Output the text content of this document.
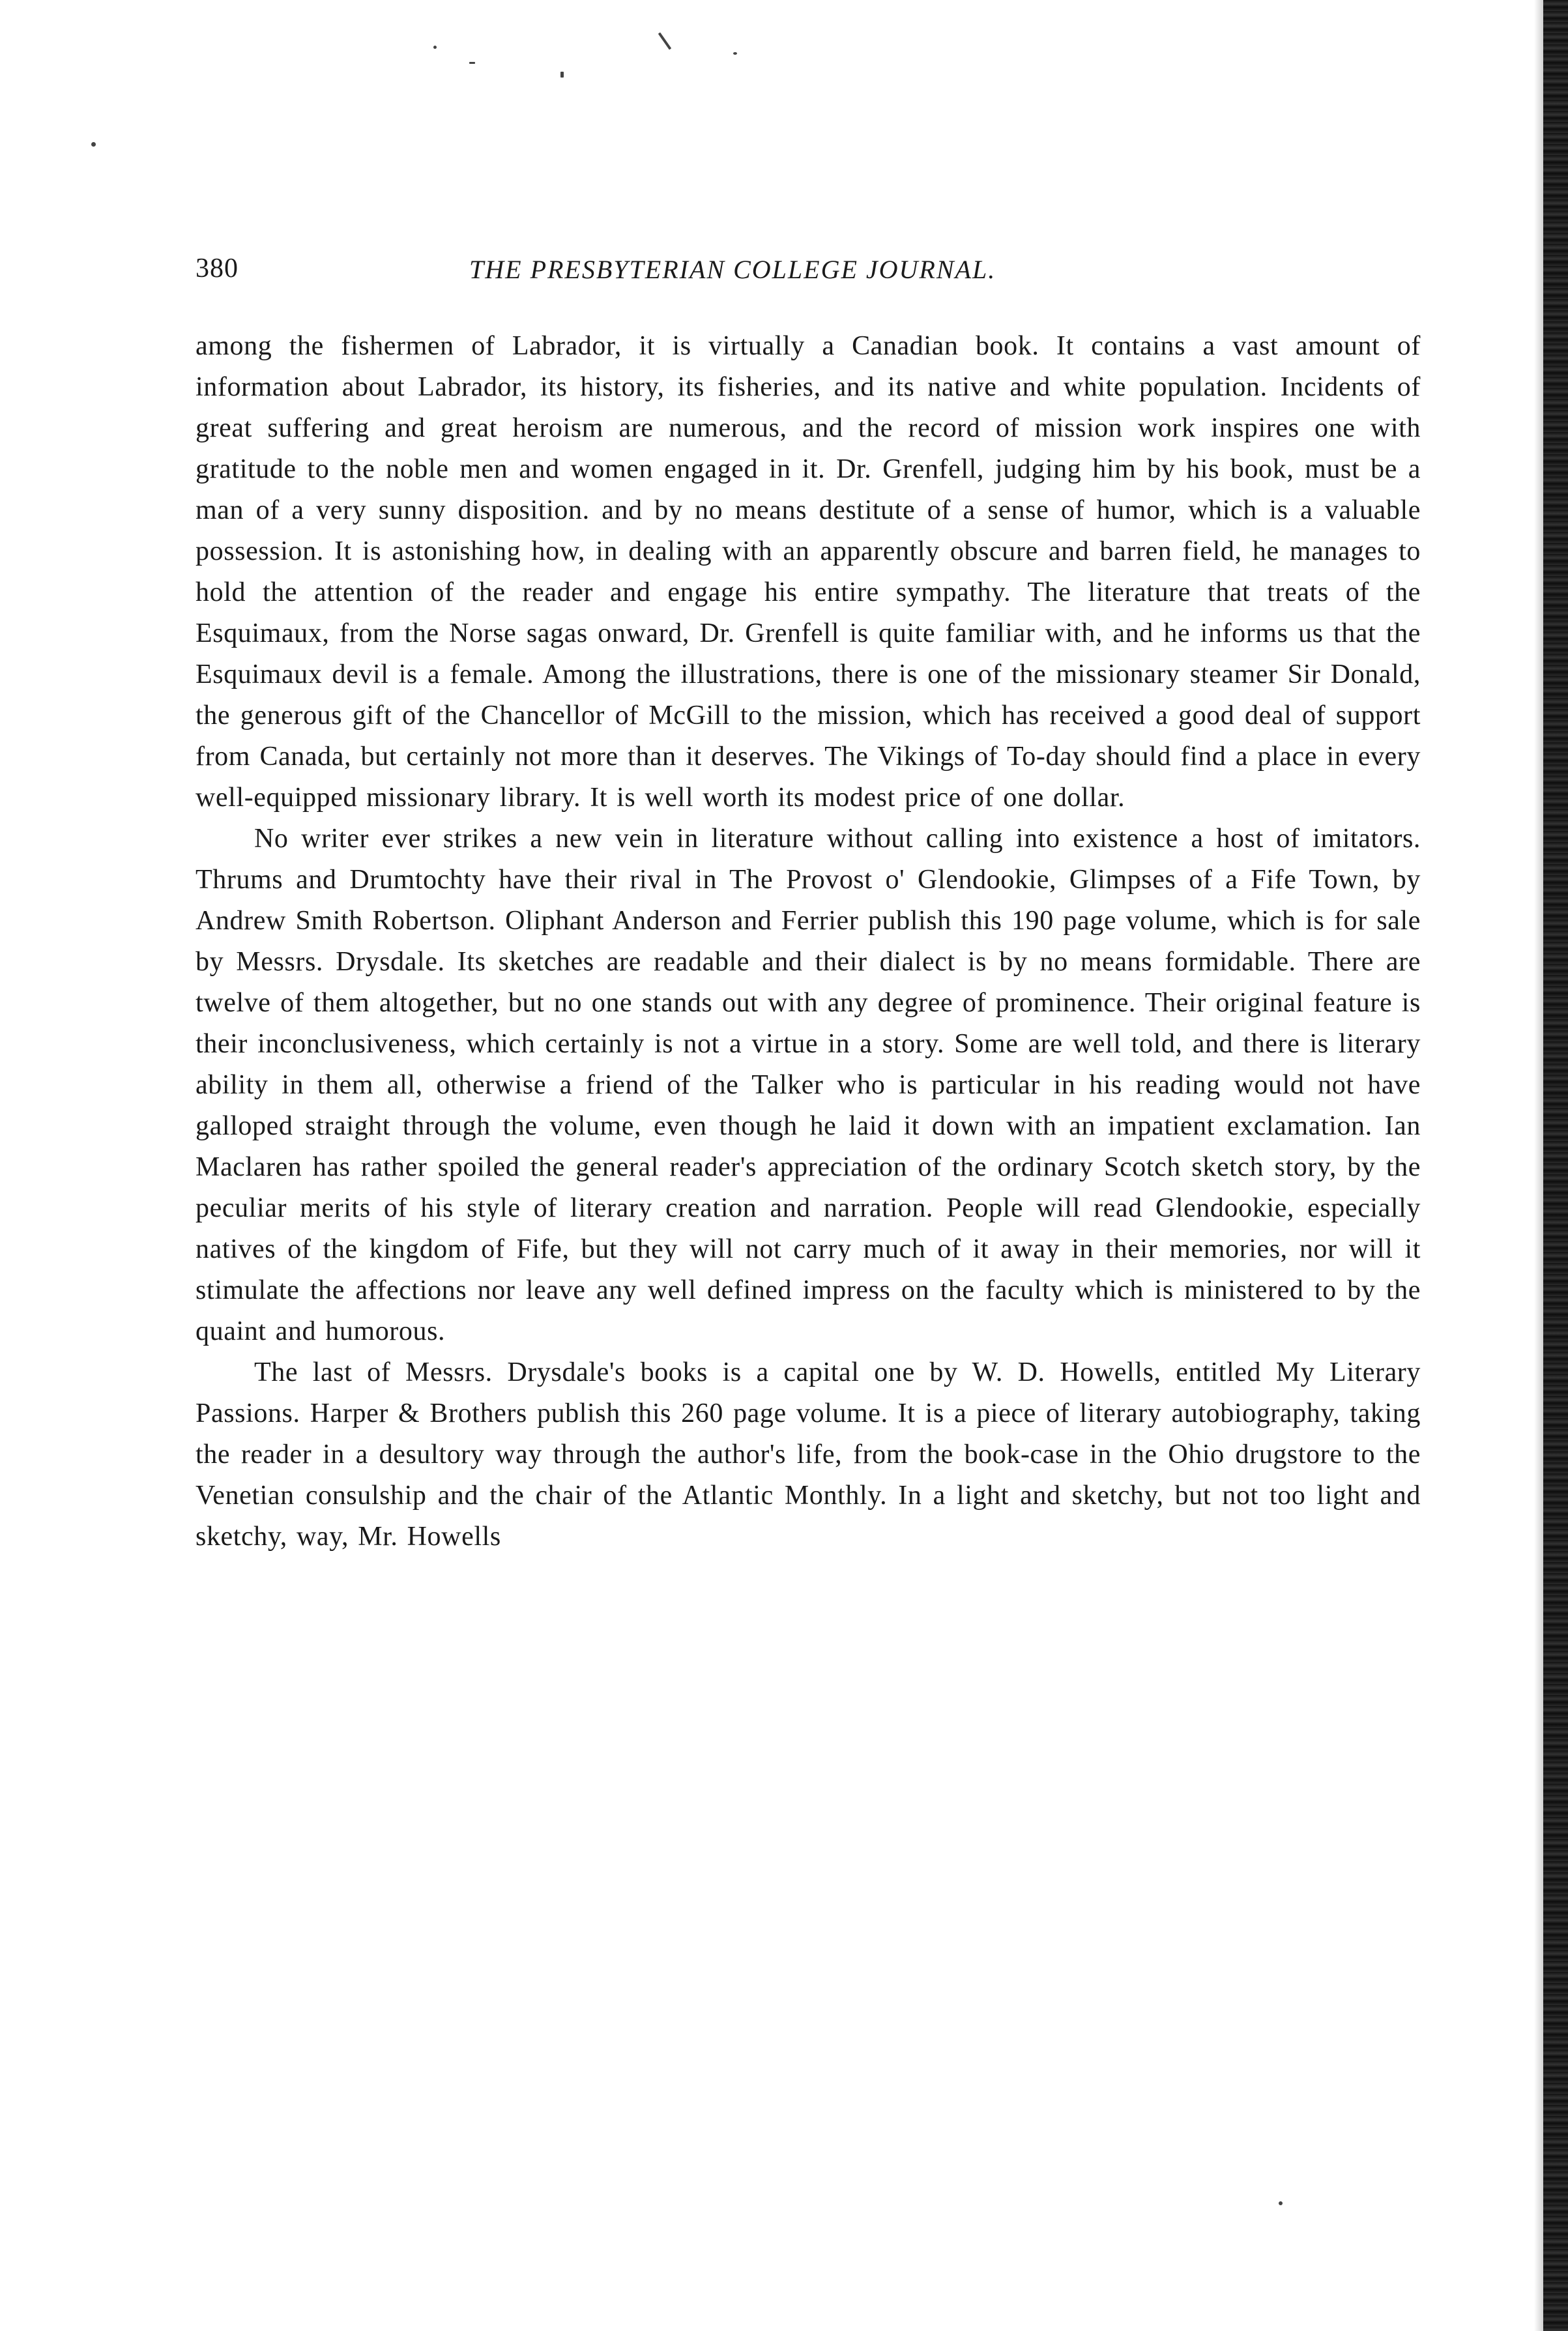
380	THE PRESBYTERIAN COLLEGE JOURNAL.

among the fishermen of Labrador, it is virtually a Canadian book. It contains a vast amount of information about Labrador, its history, its fisheries, and its native and white population. Incidents of great suffering and great heroism are numerous, and the record of mission work inspires one with gratitude to the noble men and women engaged in it. Dr. Grenfell, judging him by his book, must be a man of a very sunny disposition. and by no means destitute of a sense of humor, which is a valuable possession. It is astonishing how, in dealing with an apparently obscure and barren field, he manages to hold the attention of the reader and engage his entire sympathy. The literature that treats of the Esquimaux, from the Norse sagas onward, Dr. Grenfell is quite familiar with, and he informs us that the Esquimaux devil is a female. Among the illustrations, there is one of the missionary steamer Sir Donald, the generous gift of the Chancellor of McGill to the mission, which has received a good deal of support from Canada, but certainly not more than it deserves. The Vikings of To-day should find a place in every well-equipped missionary library. It is well worth its modest price of one dollar.

No writer ever strikes a new vein in literature without calling into existence a host of imitators. Thrums and Drumtochty have their rival in The Provost o' Glendookie, Glimpses of a Fife Town, by Andrew Smith Robertson. Oliphant Anderson and Ferrier publish this 190 page volume, which is for sale by Messrs. Drysdale. Its sketches are readable and their dialect is by no means formidable. There are twelve of them altogether, but no one stands out with any degree of prominence. Their original feature is their inconclusiveness, which certainly is not a virtue in a story. Some are well told, and there is literary ability in them all, otherwise a friend of the Talker who is particular in his reading would not have galloped straight through the volume, even though he laid it down with an impatient exclamation. Ian Maclaren has rather spoiled the general reader's appreciation of the ordinary Scotch sketch story, by the peculiar merits of his style of literary creation and narration. People will read Glendookie, especially natives of the kingdom of Fife, but they will not carry much of it away in their memories, nor will it stimulate the affections nor leave any well defined impress on the faculty which is ministered to by the quaint and humorous.

The last of Messrs. Drysdale's books is a capital one by W. D. Howells, entitled My Literary Passions. Harper & Brothers publish this 260 page volume. It is a piece of literary autobiography, taking the reader in a desultory way through the author's life, from the book-case in the Ohio drugstore to the Venetian consulship and the chair of the Atlantic Monthly. In a light and sketchy, but not too light and sketchy, way, Mr. Howells
